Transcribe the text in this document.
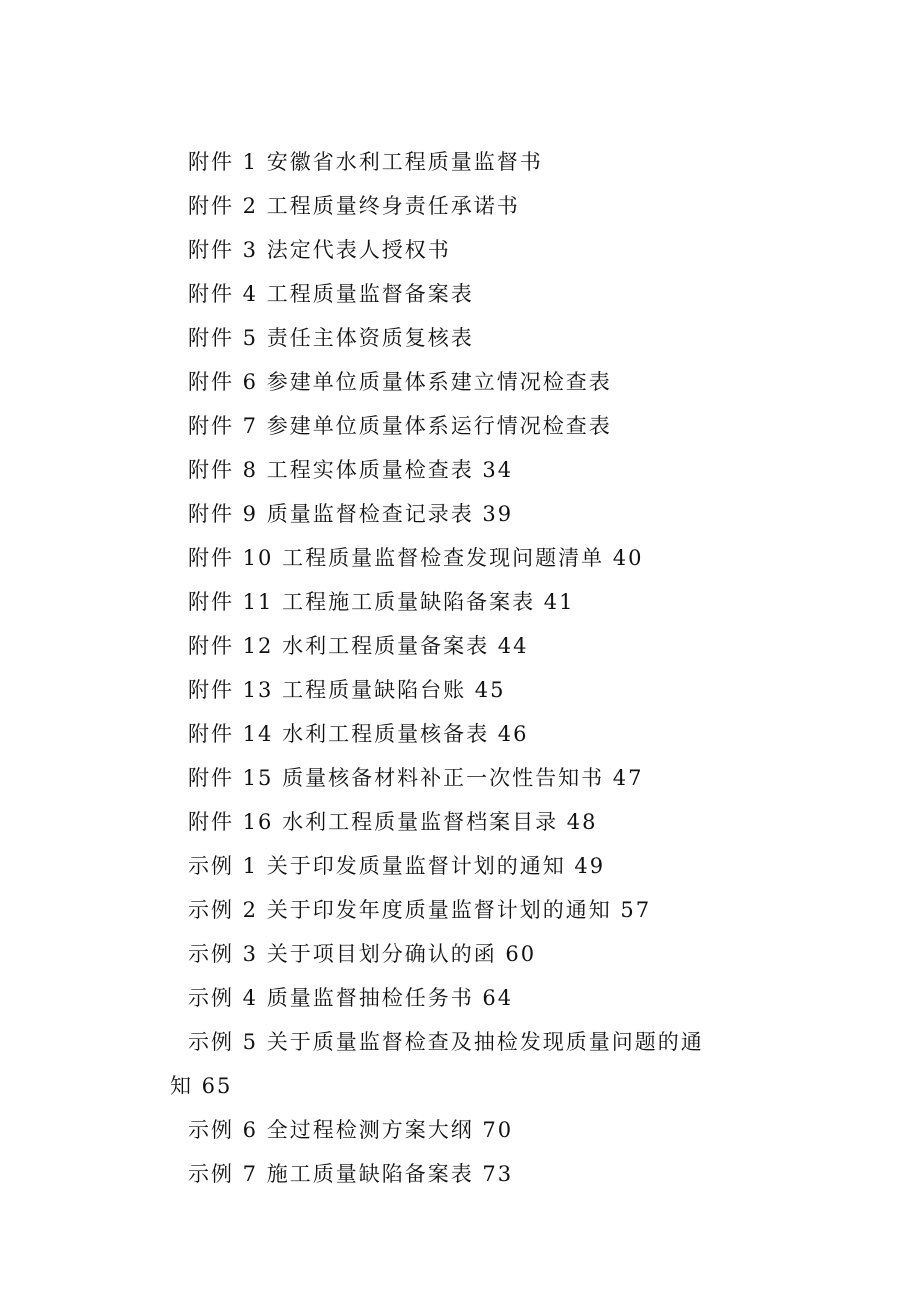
附件 1 安徽省水利工程质量监督书
附件 2 工程质量终身责任承诺书
附件 3 法定代表人授权书
附件 4 工程质量监督备案表
附件 5 责任主体资质复核表
附件 6 参建单位质量体系建立情况检查表
附件 7 参建单位质量体系运行情况检查表
附件 8 工程实体质量检查表 34
附件 9 质量监督检查记录表 39
附件 10 工程质量监督检查发现问题清单 40
附件 11 工程施工质量缺陷备案表 41
附件 12 水利工程质量备案表 44
附件 13 工程质量缺陷台账 45
附件 14 水利工程质量核备表 46
附件 15 质量核备材料补正一次性告知书 47
附件 16 水利工程质量监督档案目录 48
示例 1 关于印发质量监督计划的通知 49
示例 2 关于印发年度质量监督计划的通知 57
示例 3 关于项目划分确认的函 60
示例 4 质量监督抽检任务书 64
示例 5 关于质量监督检查及抽检发现质量问题的通知 65
示例 6 全过程检测方案大纲 70
示例 7 施工质量缺陷备案表 73
